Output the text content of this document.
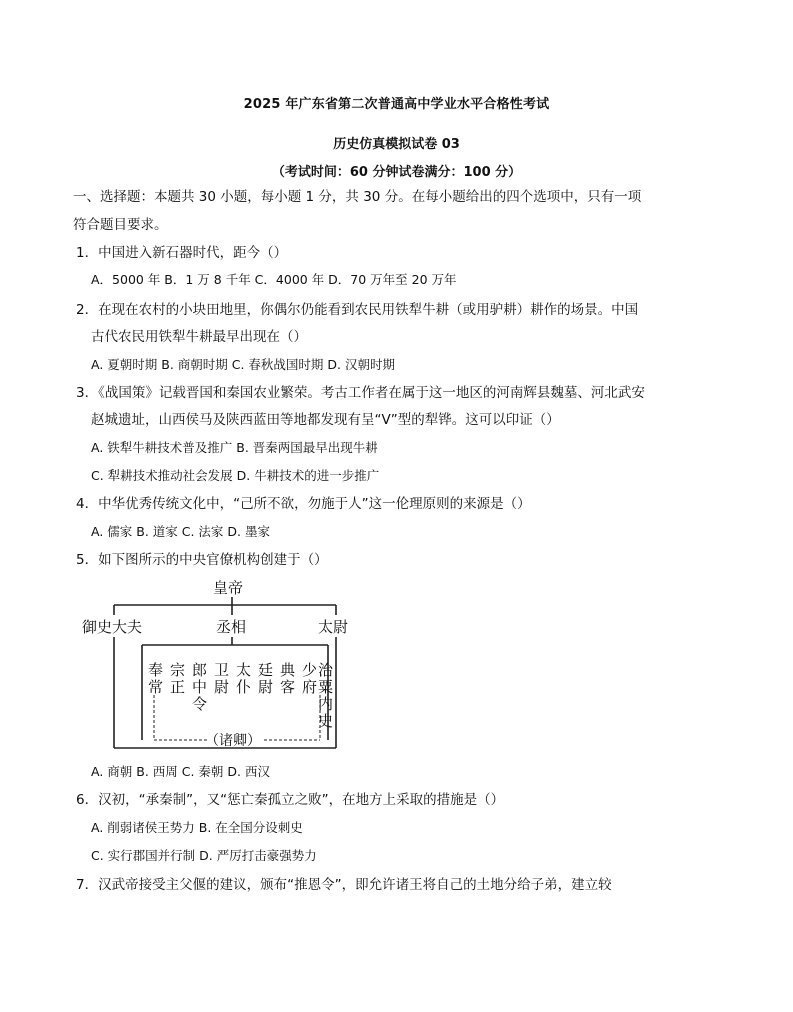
2025 年广东省第二次普通高中学业水平合格性考试
历史仿真模拟试卷 03
（考试时间：60 分钟试卷满分：100 分）
一、选择题：本题共 30 小题，每小题 1 分，共 30 分。在每小题给出的四个选项中，只有一项
符合题目要求。
1．中国进入新石器时代，距今（）
A．5000 年 B．1 万 8 千年 C．4000 年 D．70 万年至 20 万年
2．在现在农村的小块田地里，你偶尔仍能看到农民用铁犁牛耕（或用驴耕）耕作的场景。中国
古代农民用铁犁牛耕最早出现在（）
A. 夏朝时期 B. 商朝时期 C. 春秋战国时期 D. 汉朝时期
3．《战国策》记载晋国和秦国农业繁荣。考古工作者在属于这一地区的河南辉县魏墓、河北武安
赵城遗址，山西侯马及陕西蓝田等地都发现有呈“V”型的犁铧。这可以印证（）
A. 铁犁牛耕技术普及推广 B. 晋秦两国最早出现牛耕
C. 犁耕技术推动社会发展 D. 牛耕技术的进一步推广
4．中华优秀传统文化中，“己所不欲，勿施于人”这一伦理原则的来源是（）
A. 儒家 B. 道家 C. 法家 D. 墨家
5．如下图所示的中央官僚机构创建于（）
皇帝
御史大夫	丞相	太尉
（诸卿）
奉常
宗正
郎中令
卫尉
太仆
廷尉
典客
少府
治粟内史
A. 商朝 B. 西周 C. 秦朝 D. 西汉
6．汉初，“承秦制”，又“惩亡秦孤立之败”，在地方上采取的措施是（）
A. 削弱诸侯王势力 B. 在全国分设刺史
C. 实行郡国并行制 D. 严厉打击豪强势力
7．汉武帝接受主父偃的建议，颁布“推恩令”，即允许诸王将自己的土地分给子弟，建立较
